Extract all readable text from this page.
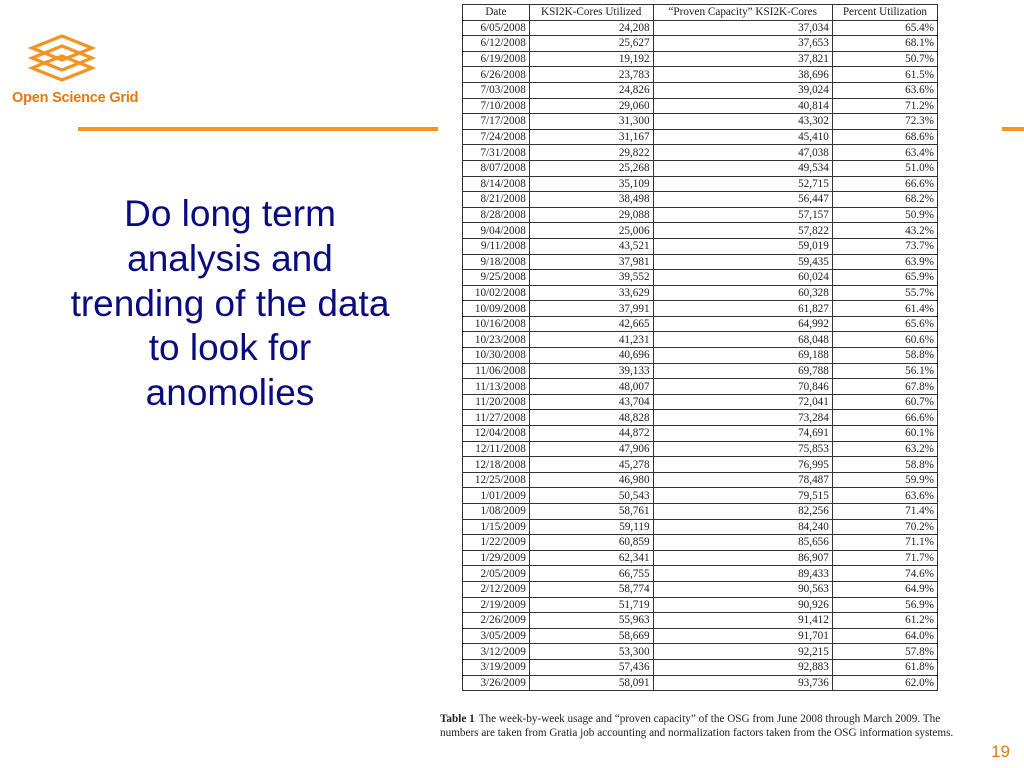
Open Science Grid
Do long term analysis and trending of the data to look for anomolies
Date	KSI2K-Cores Utilized	“Proven Capacity” KSI2K-Cores	Percent Utilization
6/05/2008	24,208	37,034	65.4%
6/12/2008	25,627	37,653	68.1%
6/19/2008	19,192	37,821	50.7%
6/26/2008	23,783	38,696	61.5%
7/03/2008	24,826	39,024	63.6%
7/10/2008	29,060	40,814	71.2%
7/17/2008	31,300	43,302	72.3%
7/24/2008	31,167	45,410	68.6%
7/31/2008	29,822	47,038	63.4%
8/07/2008	25,268	49,534	51.0%
8/14/2008	35,109	52,715	66.6%
8/21/2008	38,498	56,447	68.2%
8/28/2008	29,088	57,157	50.9%
9/04/2008	25,006	57,822	43.2%
9/11/2008	43,521	59,019	73.7%
9/18/2008	37,981	59,435	63.9%
9/25/2008	39,552	60,024	65.9%
10/02/2008	33,629	60,328	55.7%
10/09/2008	37,991	61,827	61.4%
10/16/2008	42,665	64,992	65.6%
10/23/2008	41,231	68,048	60.6%
10/30/2008	40,696	69,188	58.8%
11/06/2008	39,133	69,788	56.1%
11/13/2008	48,007	70,846	67.8%
11/20/2008	43,704	72,041	60.7%
11/27/2008	48,828	73,284	66.6%
12/04/2008	44,872	74,691	60.1%
12/11/2008	47,906	75,853	63.2%
12/18/2008	45,278	76,995	58.8%
12/25/2008	46,980	78,487	59.9%
1/01/2009	50,543	79,515	63.6%
1/08/2009	58,761	82,256	71.4%
1/15/2009	59,119	84,240	70.2%
1/22/2009	60,859	85,656	71.1%
1/29/2009	62,341	86,907	71.7%
2/05/2009	66,755	89,433	74.6%
2/12/2009	58,774	90,563	64.9%
2/19/2009	51,719	90,926	56.9%
2/26/2009	55,963	91,412	61.2%
3/05/2009	58,669	91,701	64.0%
3/12/2009	53,300	92,215	57.8%
3/19/2009	57,436	92,883	61.8%
3/26/2009	58,091	93,736	62.0%
Table 1 The week-by-week usage and “proven capacity” of the OSG from June 2008 through March 2009. The numbers are taken from Gratia job accounting and normalization factors taken from the OSG information systems.
19
